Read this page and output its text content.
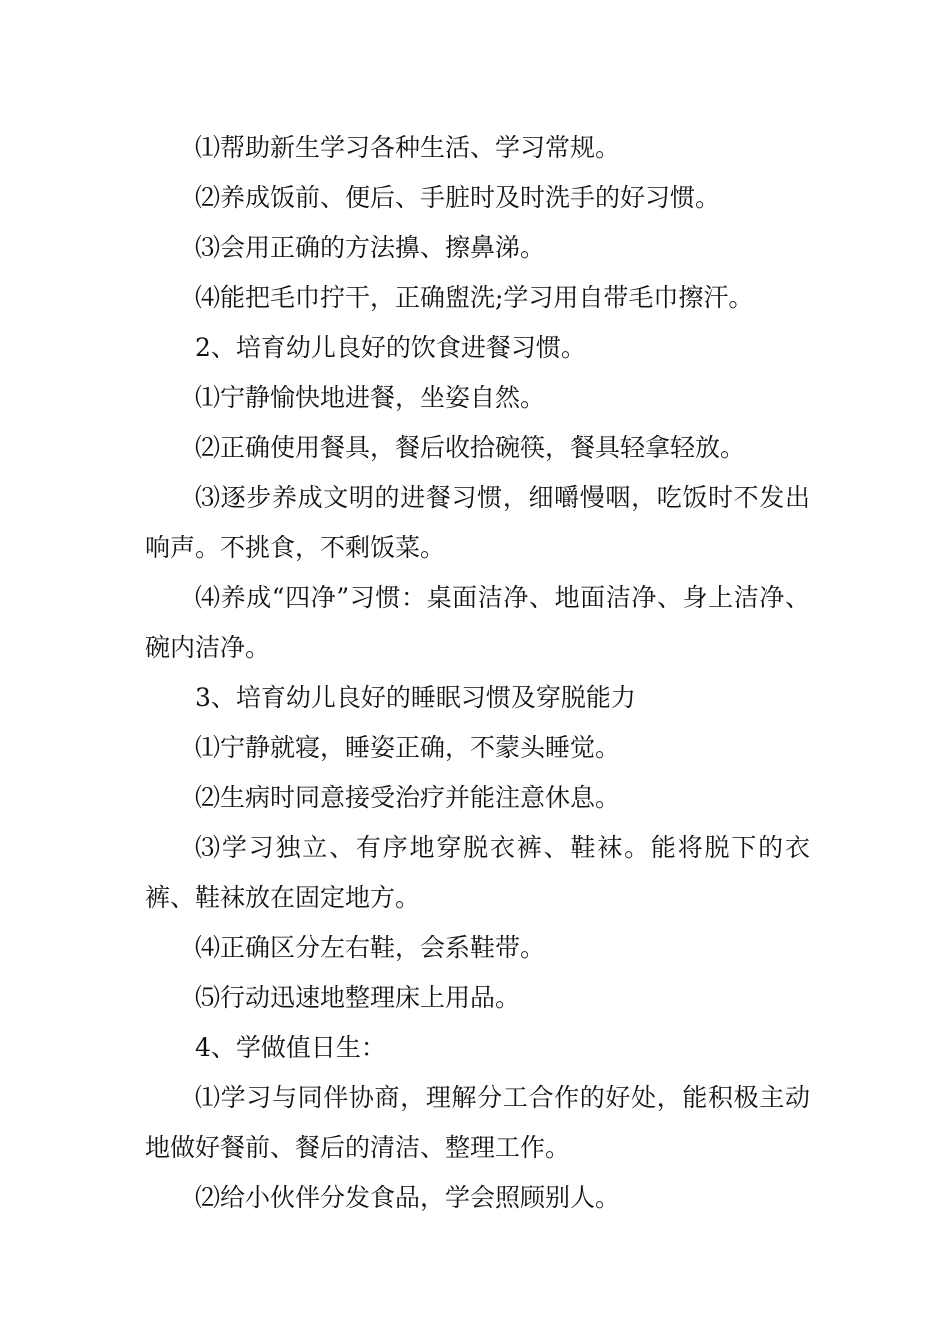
⑴帮助新生学习各种生活、学习常规。

⑵养成饭前、便后、手脏时及时洗手的好习惯。

⑶会用正确的方法擤、擦鼻涕。

⑷能把毛巾拧干，正确盥洗;学习用自带毛巾擦汗。

2、培育幼儿良好的饮食进餐习惯。

⑴宁静愉快地进餐，坐姿自然。

⑵正确使用餐具，餐后收拾碗筷，餐具轻拿轻放。

⑶逐步养成文明的进餐习惯，细嚼慢咽，吃饭时不发出响声。不挑食，不剩饭菜。

⑷养成“四净”习惯：桌面洁净、地面洁净、身上洁净、碗内洁净。

3、培育幼儿良好的睡眠习惯及穿脱能力

⑴宁静就寝，睡姿正确，不蒙头睡觉。

⑵生病时同意接受治疗并能注意休息。

⑶学习独立、有序地穿脱衣裤、鞋袜。能将脱下的衣裤、鞋袜放在固定地方。

⑷正确区分左右鞋，会系鞋带。

⑸行动迅速地整理床上用品。

4、学做值日生：

⑴学习与同伴协商，理解分工合作的好处，能积极主动地做好餐前、餐后的清洁、整理工作。

⑵给小伙伴分发食品，学会照顾别人。
